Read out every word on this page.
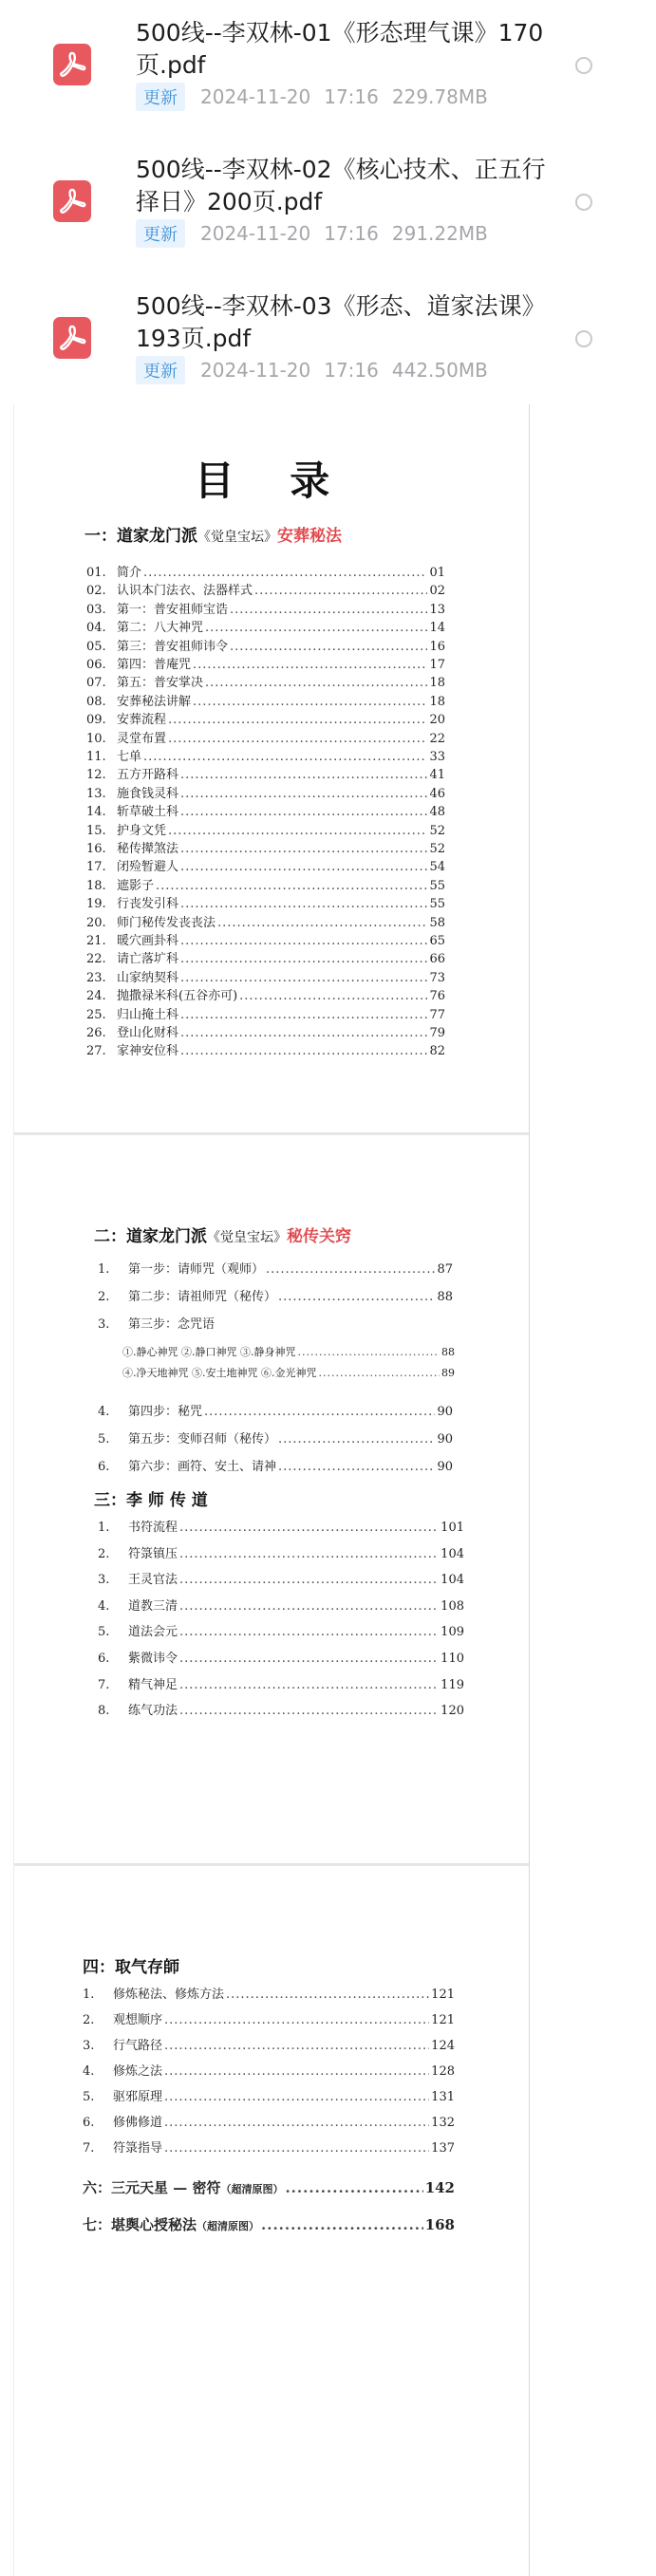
500线--李双林-01《形态理气课》170页.pdf
更新	2024-11-20 17:16 229.78MB
500线--李双林-02《核心技术、正五行择日》200页.pdf
更新	2024-11-20 17:16 291.22MB
500线--李双林-03《形态、道家法课》193页.pdf
更新	2024-11-20 17:16 442.50MB
目 录
一：道家龙门派《觉皇宝坛》安葬秘法
01. 简介 .....	01
02. 认识本门法衣、法器样式 .....	02
03. 第一：普安祖师宝诰 .....	13
04. 第二：八大神咒 .....	14
05. 第三：普安祖师讳令 .....	16
06. 第四：普庵咒 .....	17
07. 第五：普安掌决 .....	18
08. 安葬秘法讲解 .....	18
09. 安葬流程 .....	20
10. 灵堂布置 .....	22
11. 七单 .....	33
12. 五方开路科 .....	41
13. 施食钱灵科 .....	46
14. 斩草破土科 .....	48
15. 护身文凭 .....	52
16. 秘传撵煞法 .....	52
17. 闭殓暂避人 .....	54
18. 遮影子 .....	55
19. 行丧发引科 .....	55
20. 师门秘传发丧丧法 .....	58
21. 暖穴画卦科 .....	65
22. 请亡落圹科 .....	66
23. 山家纳契科 .....	73
24. 抛撒禄米科(五谷亦可) .....	76
25. 归山掩土科 .....	77
26. 登山化财科 .....	79
27. 家神安位科 .....	82
二：道家龙门派《觉皇宝坛》秘传关窍
1.	第一步：请师咒（观师） .....	87
2.	第二步：请祖师咒（秘传） .....	88
3.	第三步：念咒语
①.静心神咒 ②.静口神咒 ③.静身神咒 .....	88
④.净天地神咒 ⑤.安土地神咒 ⑥.金光神咒 .....	89
4.	第四步：秘咒 .....	90
5.	第五步：变师召师（秘传） .....	90
6.	第六步：画符、安土、请神 .....	90
三：李 师 传 道
1.	书符流程 .....	101
2.	符箓镇压 .....	104
3.	王灵官法 .....	104
4.	道教三清 .....	108
5.	道法会元 .....	109
6.	紫微讳令 .....	110
7.	精气神足 .....	119
8.	练气功法 .....	120
四：取气存師
1.	修炼秘法、修炼方法 .....	121
2.	观想顺序 .....	121
3.	行气路径 .....	124
4.	修炼之法 .....	128
5.	驱邪原理 .....	131
6.	修佛修道 .....	132
7.	符箓指导 .....	137
六：三元天星 — 密符 （超清原图） .....	142
七：堪舆心授秘法 （超清原图） .....	168
